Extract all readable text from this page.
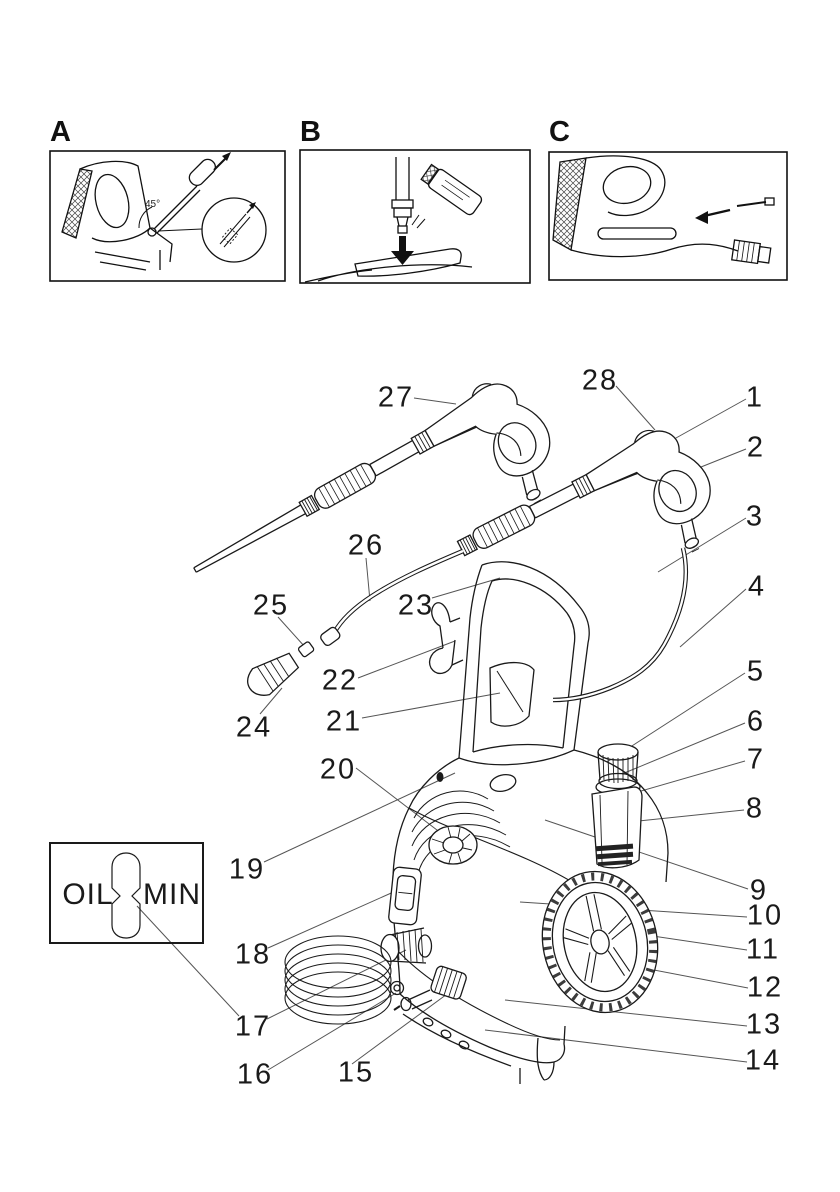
A	B	C
45°
OIL MIN
1
2
3
4
5
6
7
8
9
10
11
12
13
14
15
16
17
18
19
20
21
22
23
24
25
26
27
28
